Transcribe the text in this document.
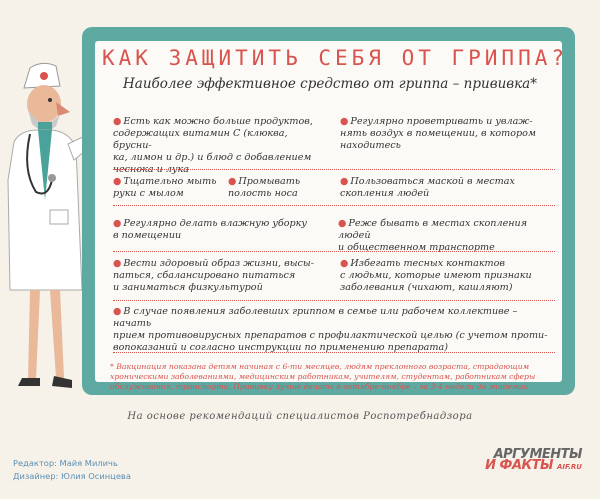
КАК ЗАЩИТИТЬ СЕБЯ ОТ ГРИППА?
Наиболее эффективное средство от гриппа – прививка*
● Есть как можно больше продуктов,
содержащих витамин С (клюква, бруcни-
ка, лимон и др.) и блюд с добавлением
чеснока и лука
● Регулярно проветривать и увлаж-
нять воздух в помещении, в котором
находитесь
● Тщательно мыть
руки с мылом
● Промывать
полость носа
● Пользоваться маской в местах
скопления людей
● Регулярно делать влажную уборку
в помещении
● Реже бывать в местах скопления людей
и общественном транспорте
● Вести здоровый образ жизни, высы-
паться, сбалансировано питаться
и заниматься физкультурой
● Избегать тесных контактов
с людьми, которые имеют признаки
заболевания (чихают, кашляют)
● В случае появления заболевших гриппом в семье или рабочем коллективе – начать
прием противовирусных препаратов с профилактической целью (с учетом проти-
вопоказаний и согласно инструкции по применению препарата)
* Вакцинация показана детям начиная с 6-ти месяцев, людям преклонного возраста, страдающим
хроническими заболеваниями, медицинским работникам, учителям, студентам, работникам сферы
обслуживания, транспорта. Прививку лучше делать в октябре-ноябре – за 3-4 недели до эпидемии
На основе рекомендаций специалистов Роспотребнадзора
Редактор: Майя Миличь
Дизайнер: Юлия Осинцева
АРГУМЕНТЫ
И ФАКТЫ AIF.RU
